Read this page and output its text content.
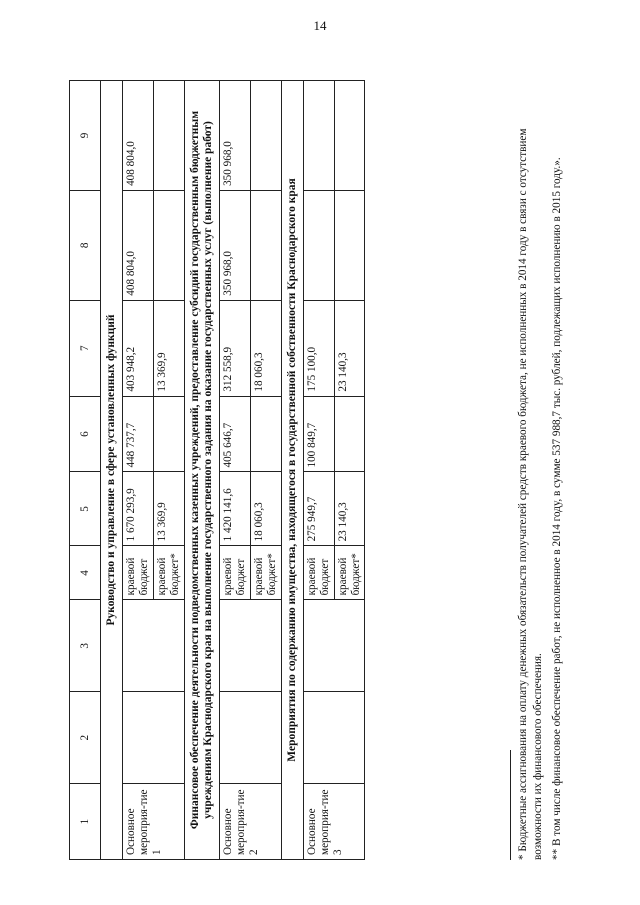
14
1	2	3	4	5	6	7	8	9
Руководство и управление в сфере установленных функций								
Основное мероприя-тие 1			краевой бюджет	1 670 293,9	448 737,7	403 948,2	408 804,0	408 804,0
			краевой бюджет*	13 369,9		13 369,9		
Финансовое обеспечение деятельности подведомственных казенных учреждений, предоставление субсидий государственным бюджетным учреждениям Краснодарского края на выполнение государственного задания на оказание государственных услуг (выполнение работ)								
Основное мероприя-тие 2			краевой бюджет	1 420 141,6	405 646,7	312 558,9	350 968,0	350 968,0
			краевой бюджет*	18 060,3		18 060,3		
Мероприятия по содержанию имущества, находящегося в государственной собственности Краснодарского края								
Основное мероприя-тие 3			краевой бюджет	275 949,7	100 849,7	175 100,0		
			краевой бюджет*	23 140,3		23 140,3			* Бюджетные ассигнования на оплату денежных обязательств получателей средств краевого бюджета, не исполненных в 2014 году в связи с отсутствием возможности их финансового обеспечения. ** В том числе финансовое обеспечение работ, не исполненное в 2014 году, в сумме 537 988,7 тыс. рублей, подлежащих исполнению в 2015 году.».
